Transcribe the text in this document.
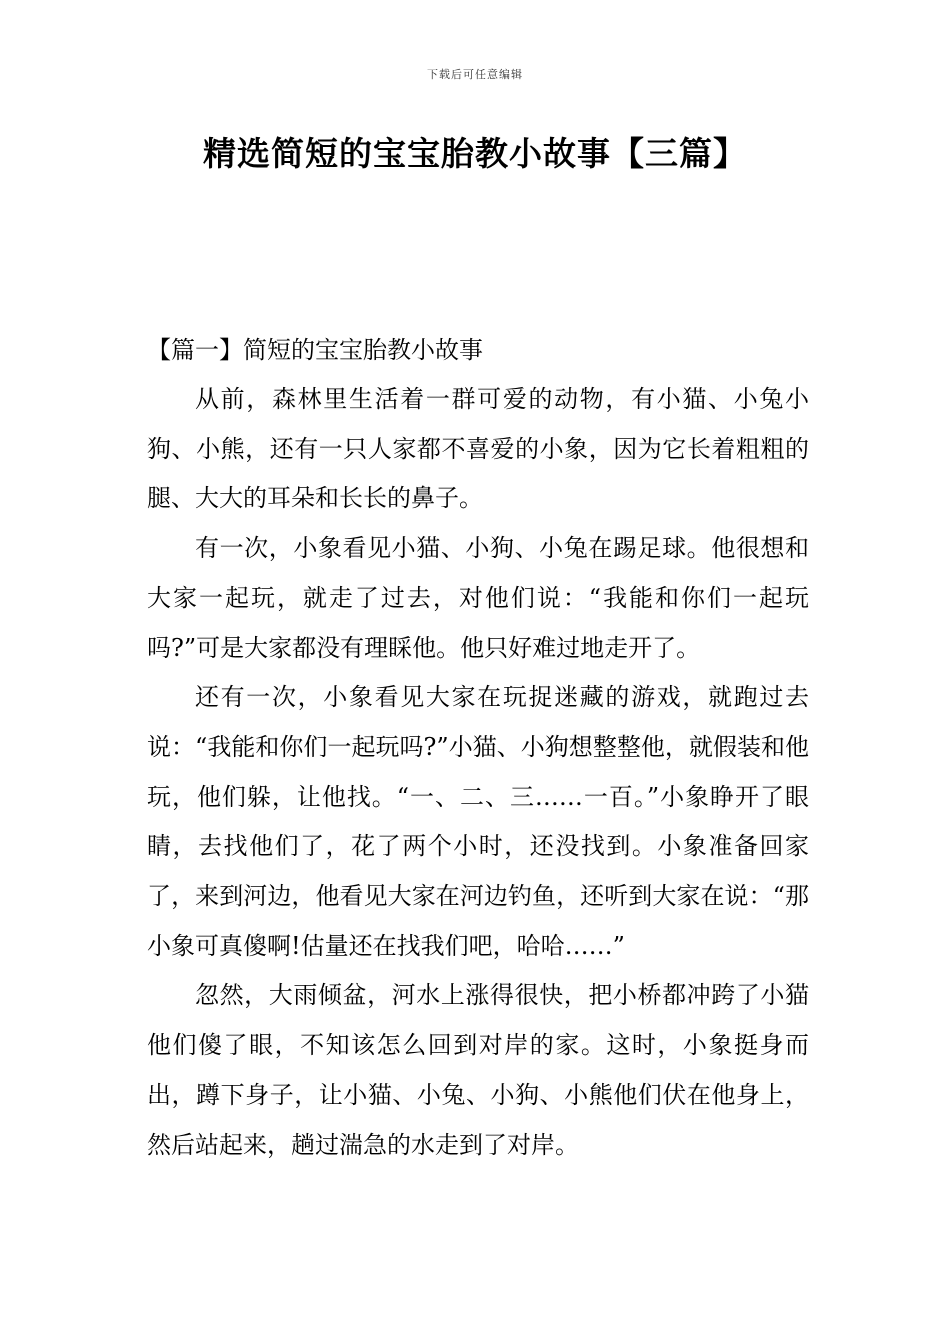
下载后可任意编辑
精选简短的宝宝胎教小故事【三篇】

【篇一】简短的宝宝胎教小故事

从前，森林里生活着一群可爱的动物，有小猫、小兔小狗、小熊，还有一只人家都不喜爱的小象，因为它长着粗粗的腿、大大的耳朵和长长的鼻子。

有一次，小象看见小猫、小狗、小兔在踢足球。他很想和大家一起玩，就走了过去，对他们说：“我能和你们一起玩吗?”可是大家都没有理睬他。他只好难过地走开了。

还有一次，小象看见大家在玩捉迷藏的游戏，就跑过去说：“我能和你们一起玩吗?”小猫、小狗想整整他，就假装和他玩，他们躲，让他找。“一、二、三……一百。”小象睁开了眼睛，去找他们了，花了两个小时，还没找到。小象准备回家了，来到河边，他看见大家在河边钓鱼，还听到大家在说：“那小象可真傻啊!估量还在找我们吧，哈哈……”

忽然，大雨倾盆，河水上涨得很快，把小桥都冲跨了小猫他们傻了眼，不知该怎么回到对岸的家。这时，小象挺身而出，蹲下身子，让小猫、小兔、小狗、小熊他们伏在他身上，然后站起来，趟过湍急的水走到了对岸。
